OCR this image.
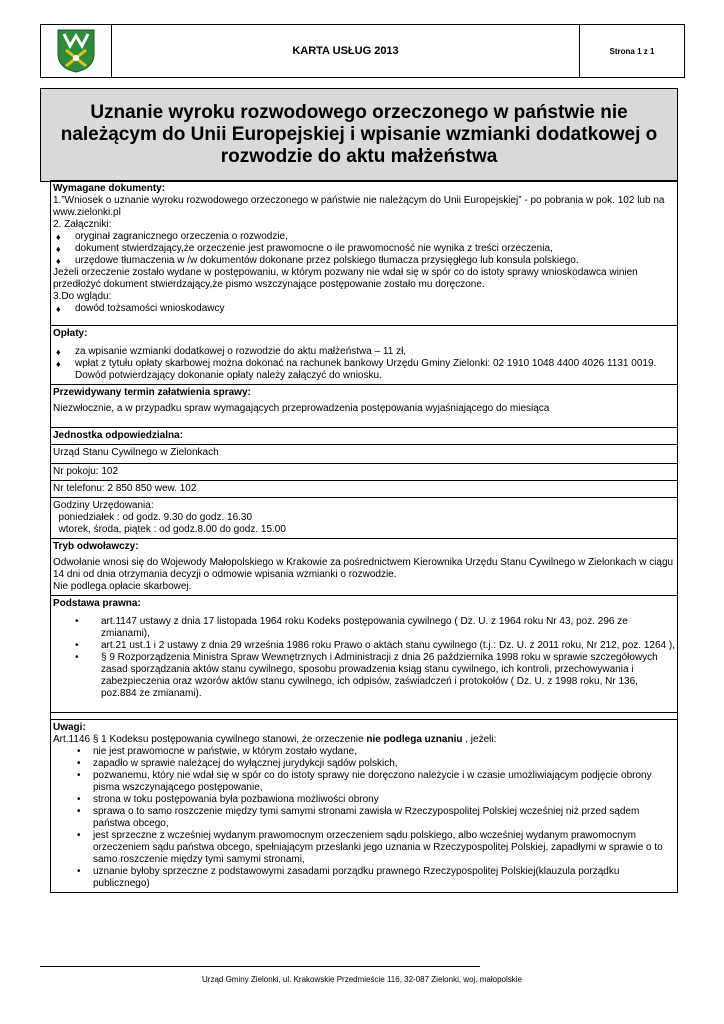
KARTA USŁUG 2013	Strona 1 z 1
Uznanie wyroku rozwodowego orzeczonego w państwie nie należącym do Unii Europejskiej i wpisanie wzmianki dodatkowej o rozwodzie do aktu małżeństwa

Wymagane dokumenty:

1.”Wniosek o uznanie wyroku rozwodowego orzeczonego w państwie nie należącym do Unii Europejskiej” - po pobrania w pok. 102 lub na www.zielonki.pl

2. Załączniki:

♦ oryginał zagranicznego orzeczenia o rozwodzie,
♦ dokument stwierdzający,że orzeczenie jest prawomocne o ile prawomocność nie wynika z treści orzeczenia,
♦ urzędowe tłumaczenia w /w dokumentów dokonane przez polskiego tłumacza przysięgłego lub konsula polskiego.

Jeżeli orzeczenie zostało wydane w postępowaniu, w którym pozwany nie wdał się w spór co do istoty sprawy wnioskodawca winien przedłożyć dokument stwierdzający,że pismo wszczynające postępowanie zostało mu doręczone.

3.Do wglądu:

♦ dowód tożsamości wnioskodawcy

Opłaty:

♦ za wpisanie wzmianki dodatkowej o rozwodzie do aktu małżeństwa – 11 zł,
♦ wpłat z tytułu opłaty skarbowej można dokonać na rachunek bankowy Urzędu Gminy Zielonki: 02 1910 1048 4400 4026 1131 0019. Dowód potwierdzający dokonanie opłaty należy załączyć do wniosku.

Przewidywany termin załatwienia sprawy:

Niezwłocznie, a w przypadku spraw wymagających przeprowadzenia postępowania wyjaśniającego do miesiąca

Jednostka odpowiedzialna:

Urząd Stanu Cywilnego w Zielonkach

Nr pokoju: 102

Nr telefonu: 2 850 850 wew. 102

Godziny Urzędowania:

poniedziałek : od godz. 9.30 do godz. 16.30

wtorek, środa, piątek : od godz.8.00 do godz. 15.00

Tryb odwoławczy:

Odwołanie wnosi się do Wojewody Małopolskiego w Krakowie za pośrednictwem Kierownika Urzędu Stanu Cywilnego w Zielonkach w ciągu 14 dni od dnia otrzymania decyzji o odmowie wpisania wzmianki o rozwodzie.

Nie podlega opłacie skarbowej.

Podstawa prawna:

• art.1147 ustawy z dnia 17 listopada 1964 roku Kodeks postępowania cywilnego ( Dz. U. z 1964 roku Nr 43, poz. 296 ze zmianami),
• art.21 ust.1 i 2 ustawy z dnia 29 września 1986 roku Prawo o aktach stanu cywilnego (t.j.: Dz. U. z 2011 roku, Nr 212, poz. 1264 ),
• § 9 Rozporządzenia Ministra Spraw Wewnętrznych i Administracji z dnia 26 października 1998 roku w sprawie szczegółowych zasad sporządzania aktów stanu cywilnego, sposobu prowadzenia ksiąg stanu cywilnego, ich kontroli, przechowywania i zabezpieczenia oraz wzorów aktów stanu cywilnego, ich odpisów, zaświadczeń i protokołów ( Dz. U. z 1998 roku, Nr 136, poz.884 ze zmianami).

Uwagi:

Art.1146 § 1 Kodeksu postępowania cywilnego stanowi, że orzeczenie nie podlega uznaniu , jeżeli:

• nie jest prawomocne w państwie, w którym zostało wydane,
• zapadło w sprawie należącej do wyłącznej jurydykcji sądów polskich,
• pozwanemu, który nie wdał się w spór co do istoty sprawy nie doręczono należycie i w czasie umożliwiającym podjęcie obrony pisma wszczynającego postępowanie,
• strona w toku postępowania była pozbawiona możliwości obrony
• sprawa o to samo roszczenie między tymi samymi stronami zawisła w Rzeczypospolitej Polskiej wcześniej niż przed sądem państwa obcego,
• jest sprzeczne z wcześniej wydanym prawomocnym orzeczeniem sądu polskiego, albo wcześniej wydanym prawomocnym orzeczeniem sądu państwa obcego, spełniającym przesłanki jego uznania w Rzeczypospolitej Polskiej, zapadłymi w sprawie o to samo roszczenie między tymi samymi stronami,
• uznanie byłoby sprzeczne z podstawowymi zasadami porządku prawnego Rzeczypospolitej Polskiej(klauzula porządku publicznego)
Urząd Gminy Zielonki, ul. Krakowskie Przedmieście 116, 32-087 Zielonki, woj. małopolskie
